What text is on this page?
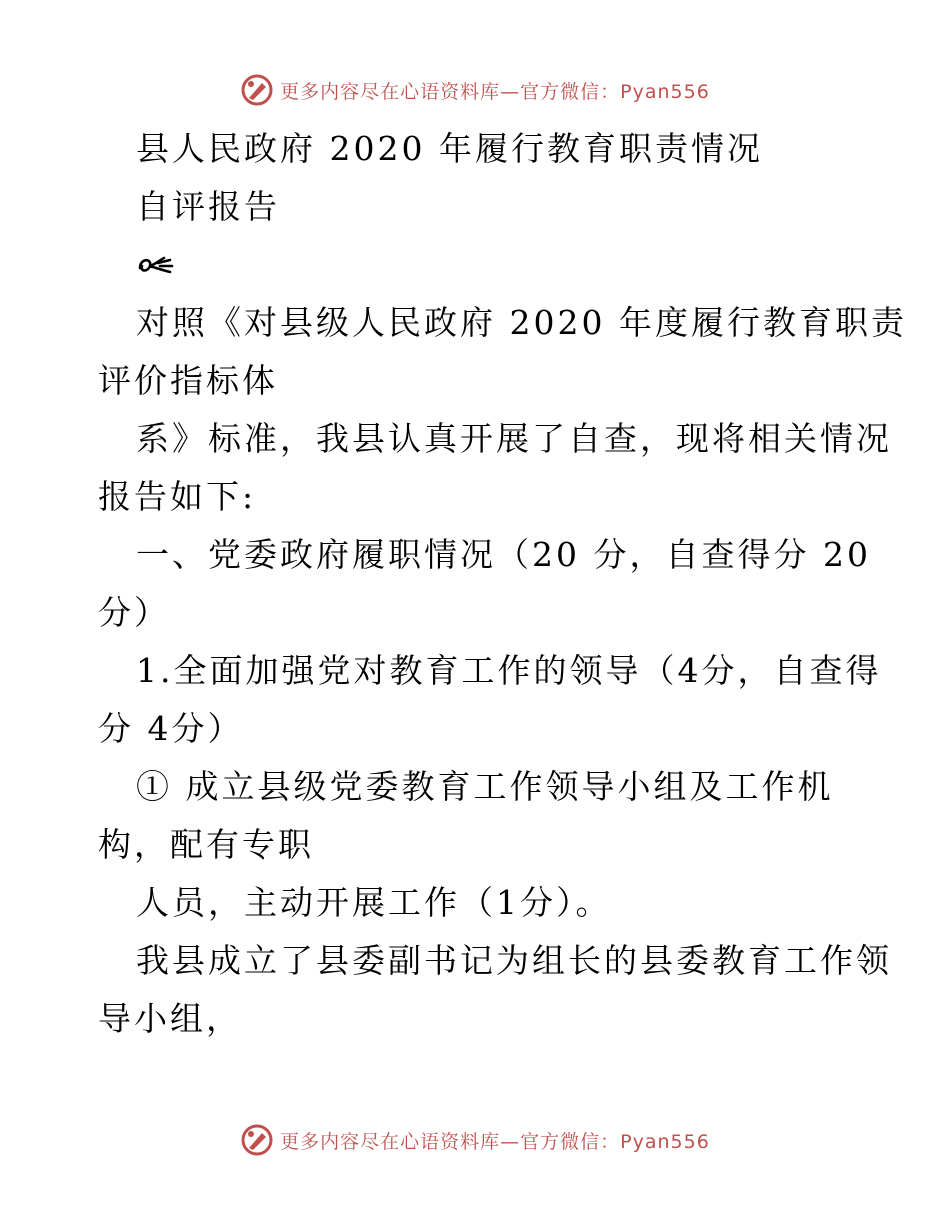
更多内容尽在心语资料库—官方微信：Pyan556
县人民政府 2020 年履行教育职责情况
自评报告
对照《对县级人民政府 2020 年度履行教育职责
评价指标体
系》标准，我县认真开展了自查，现将相关情况
报告如下:
一、党委政府履职情况（20 分，自查得分 20
分）
1.全面加强党对教育工作的领导（4分，自查得
分 4分）
① 成立县级党委教育工作领导小组及工作机
构，配有专职
人员，主动开展工作（1分）。
我县成立了县委副书记为组长的县委教育工作领
导小组，
更多内容尽在心语资料库—官方微信：Pyan556
